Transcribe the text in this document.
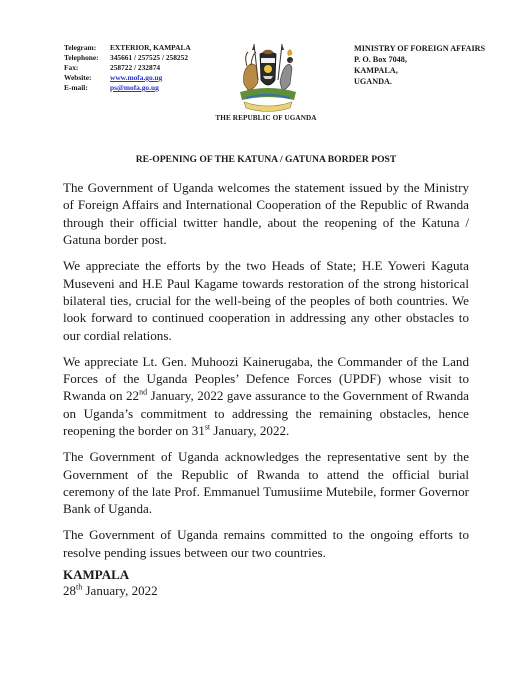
Telegram:	EXTERIOR, KAMPALA
Telephone:	345661 / 257525 / 258252
Fax:	258722 / 232874
Website:	www.mofa.go.ug
E-mail:	ps@mofa.go.ug
THE REPUBLIC OF UGANDA
MINISTRY OF FOREIGN AFFAIRS
P. O. Box 7048,
KAMPALA,
UGANDA.
RE-OPENING OF THE KATUNA / GATUNA BORDER POST

The Government of Uganda welcomes the statement issued by the Ministry of Foreign Affairs and International Cooperation of the Republic of Rwanda through their official twitter handle, about the reopening of the Katuna / Gatuna border post.

We appreciate the efforts by the two Heads of State; H.E Yoweri Kaguta Museveni and H.E Paul Kagame towards restoration of the strong historical bilateral ties, crucial for the well-being of the peoples of both countries. We look forward to continued cooperation in addressing any other obstacles to our cordial relations.

We appreciate Lt. Gen. Muhoozi Kainerugaba, the Commander of the Land Forces of the Uganda Peoples’ Defence Forces (UPDF) whose visit to Rwanda on 22nd January, 2022 gave assurance to the Government of Rwanda on Uganda’s commitment to addressing the remaining obstacles, hence reopening the border on 31st January, 2022.

The Government of Uganda acknowledges the representative sent by the Government of the Republic of Rwanda to attend the official burial ceremony of the late Prof. Emmanuel Tumusiime Mutebile, former Governor Bank of Uganda.

The Government of Uganda remains committed to the ongoing efforts to resolve pending issues between our two countries.

KAMPALA
28th January, 2022
